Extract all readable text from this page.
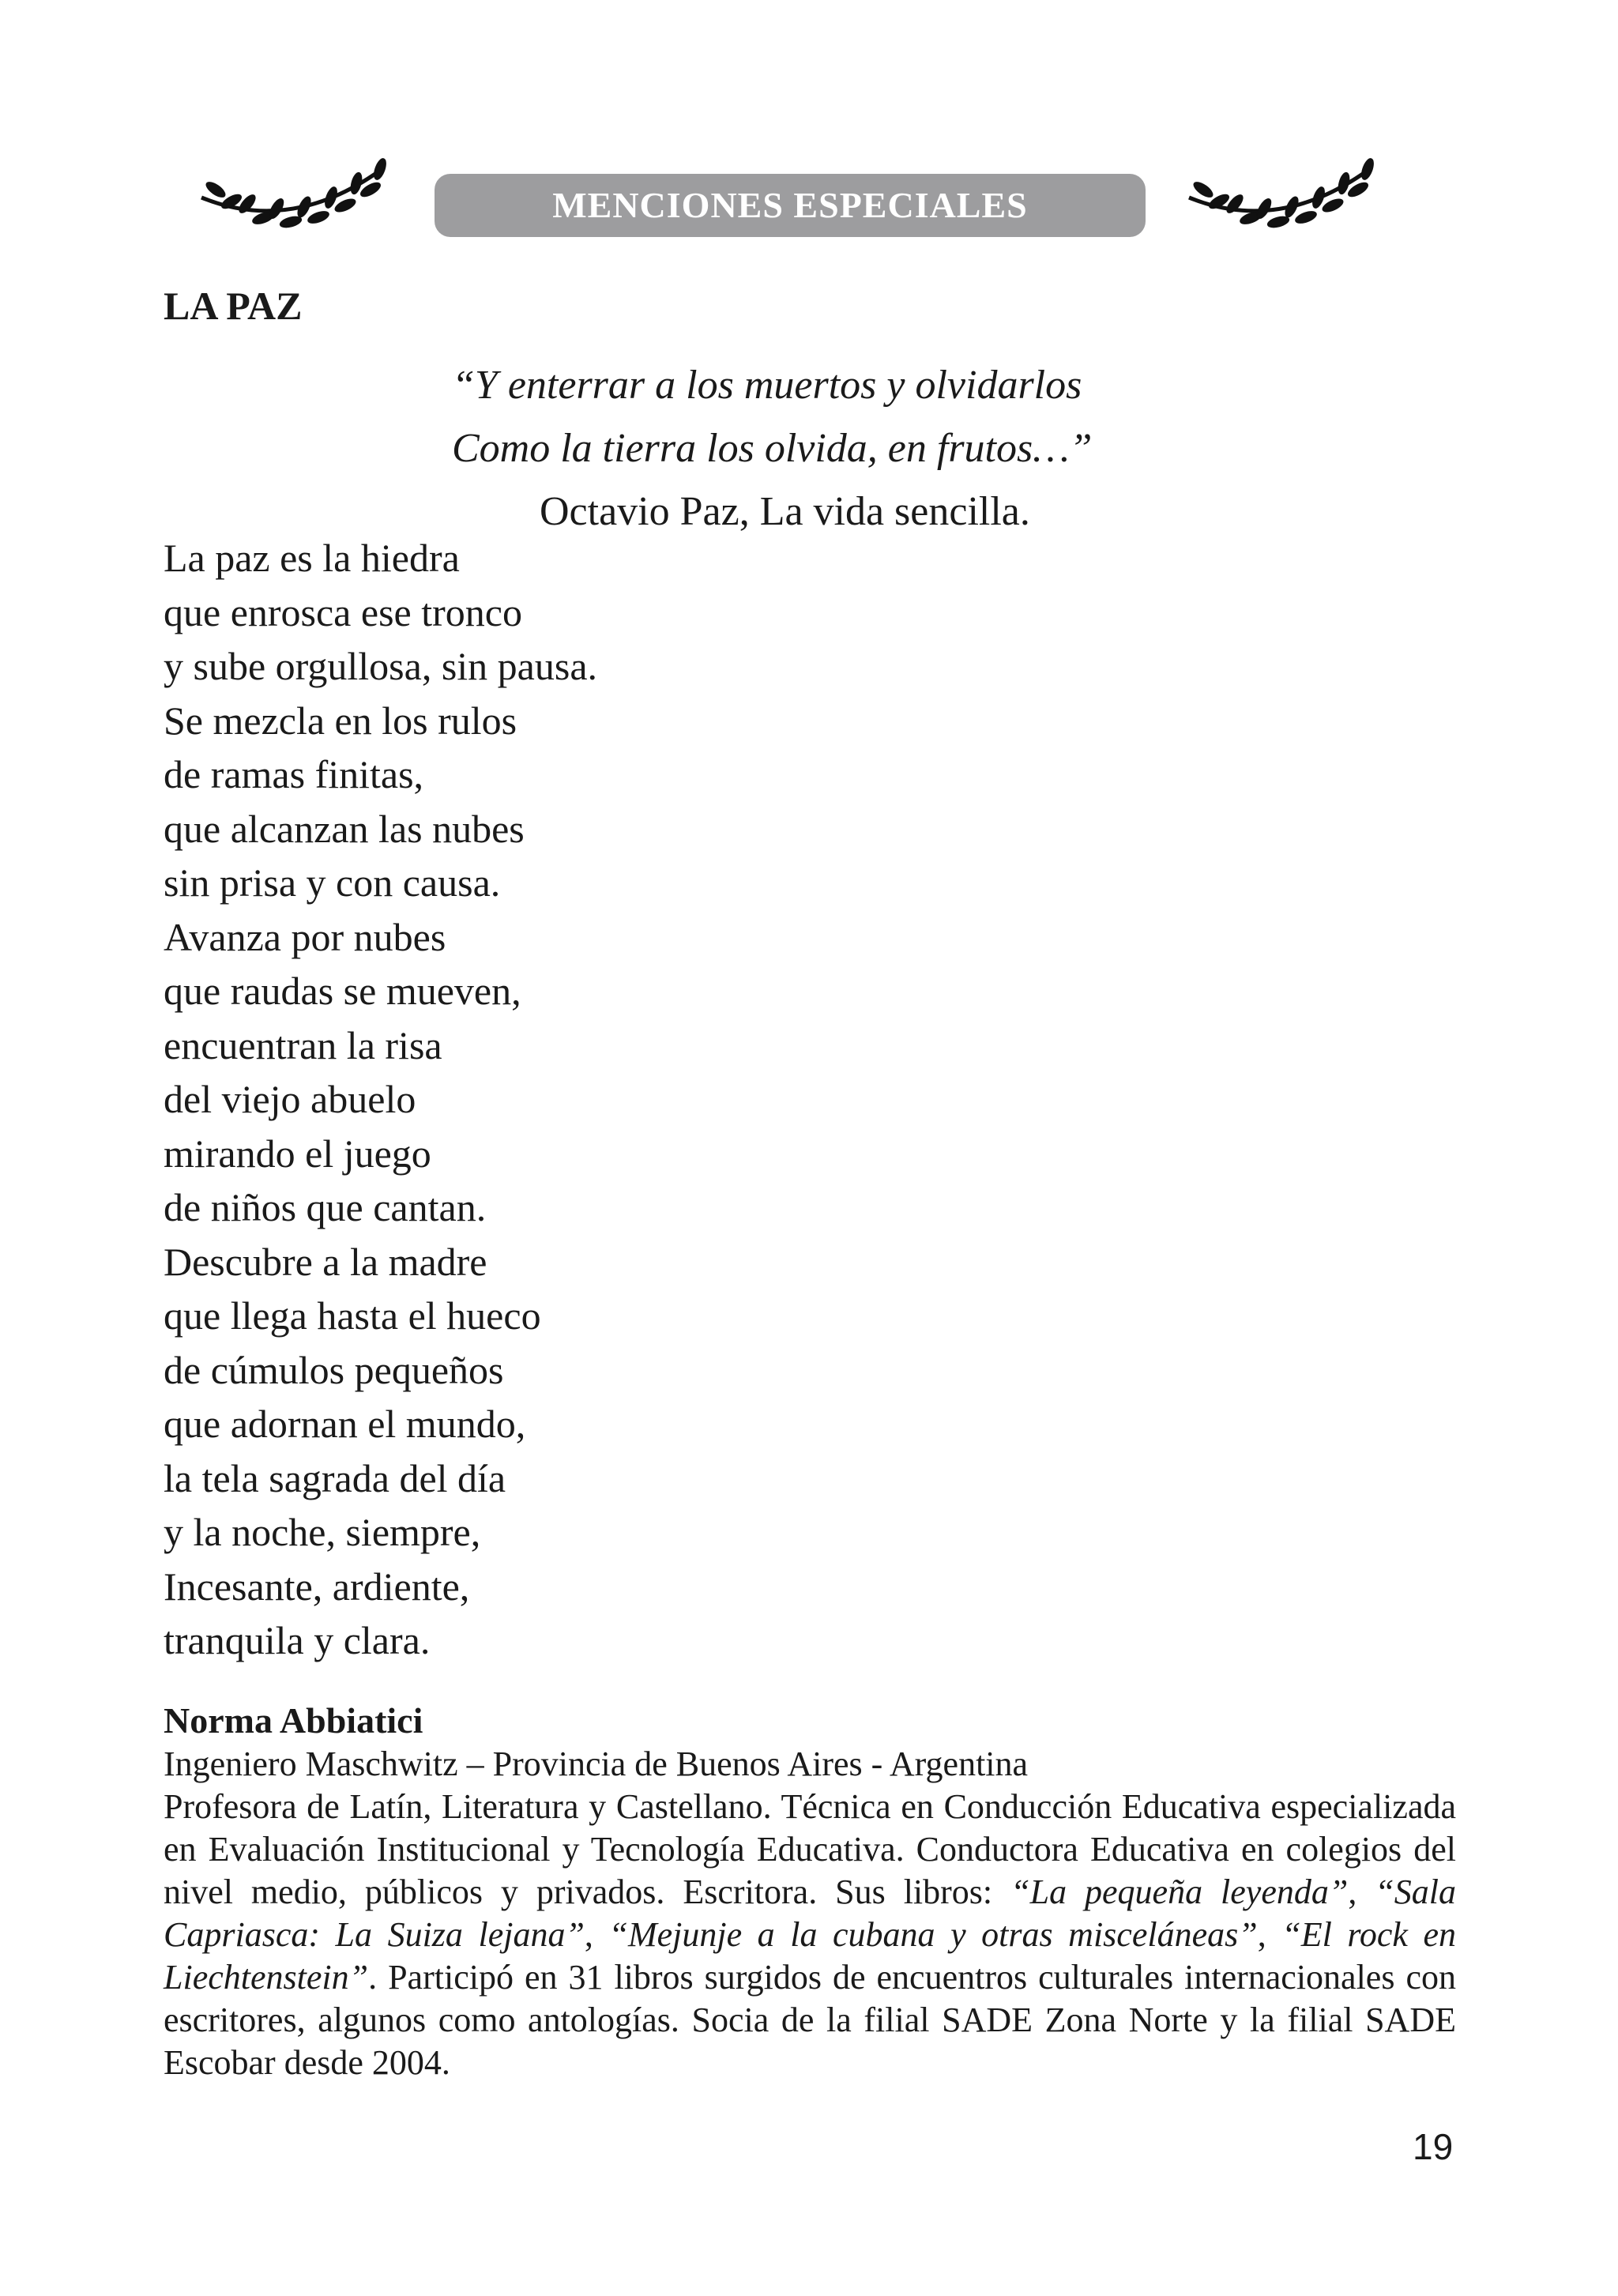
MENCIONES ESPECIALES
LA PAZ
“Y enterrar a los muertos y olvidarlos
Como la tierra los olvida, en frutos…”
Octavio Paz, La vida sencilla.
La paz es la hiedra
que enrosca ese tronco
y sube orgullosa, sin pausa.
Se mezcla en los rulos
de ramas finitas,
que alcanzan las nubes
sin prisa y con causa.
Avanza por nubes
que raudas se mueven,
encuentran la risa
del viejo abuelo
mirando el juego
de niños que cantan.
Descubre a la madre
que llega hasta el hueco
de cúmulos pequeños
que adornan el mundo,
la tela sagrada del día
y la noche, siempre,
Incesante, ardiente,
tranquila y clara.
Norma Abbiatici
Ingeniero Maschwitz – Provincia de Buenos Aires - Argentina
Profesora de Latín, Literatura y Castellano. Técnica en Conducción Educativa especializada en Evaluación Institucional y Tecnología Educativa. Conductora Educativa en colegios del nivel medio, públicos y privados. Escritora. Sus libros: “La pequeña leyenda”, “Sala Capriasca: La Suiza lejana”, “Mejunje a la cubana y otras misceláneas”, “El rock en Liechtenstein”. Participó en 31 libros surgidos de encuentros culturales internacionales con escritores, algunos como antologías. Socia de la filial SADE Zona Norte y la filial SADE Escobar desde 2004.
19
